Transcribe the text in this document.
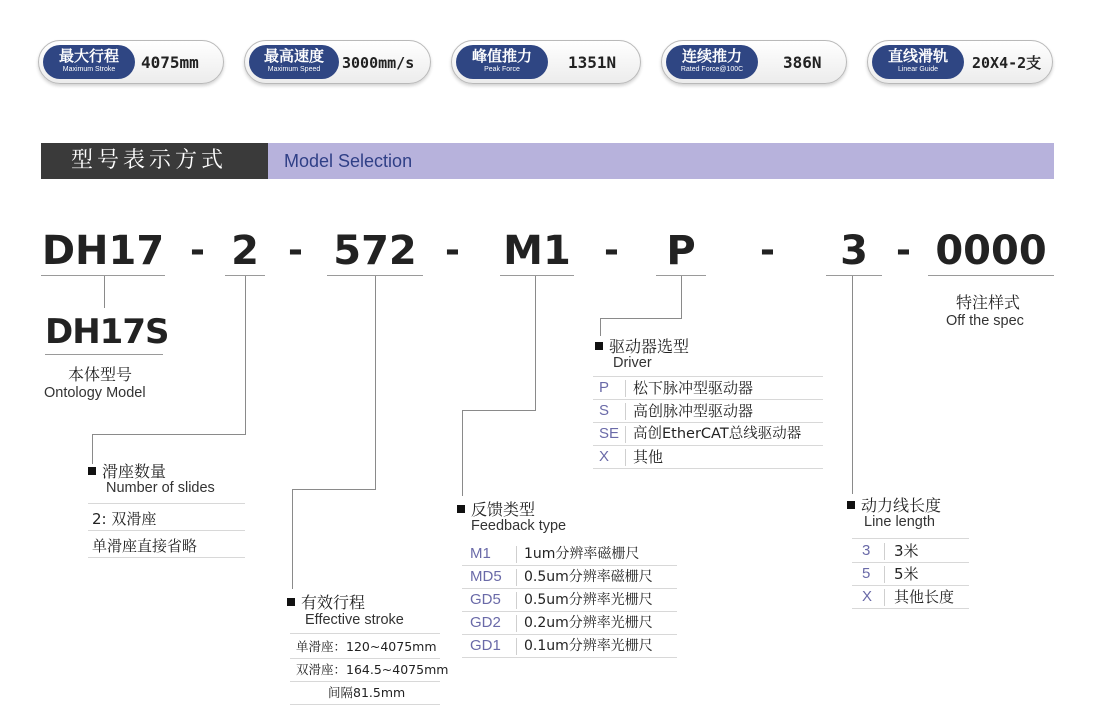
最大行程
Maximum Stroke	4075mm	最高速度
Maximum Speed	3000mm/s	峰值推力
Peak Force	1351N	连续推力
Rated Force@100C	386N	直线滑轨
Linear Guide	20X4-2支
型号表示方式	Model Selection
DH17 - 2 - 572 - M1 - P -	3 - 0000
DH17S
本体型号
Ontology Model
特注样式
Off the spec
滑座数量
Number of slides
2: 双滑座
单滑座直接省略
有效行程
Effective stroke
单滑座：120~4075mm
双滑座：164.5~4075mm
间隔81.5mm
反馈类型
Feedback type
M1 1um分辨率磁栅尺
MD5 0.5um分辨率磁栅尺
GD5 0.5um分辨率光栅尺
GD2 0.2um分辨率光栅尺
GD1 0.1um分辨率光栅尺
驱动器选型
Driver
P 松下脉冲型驱动器
S 高创脉冲型驱动器
SE 高创EtherCAT总线驱动器
X 其他
动力线长度
Line length
3 3米
5 5米
X 其他长度
